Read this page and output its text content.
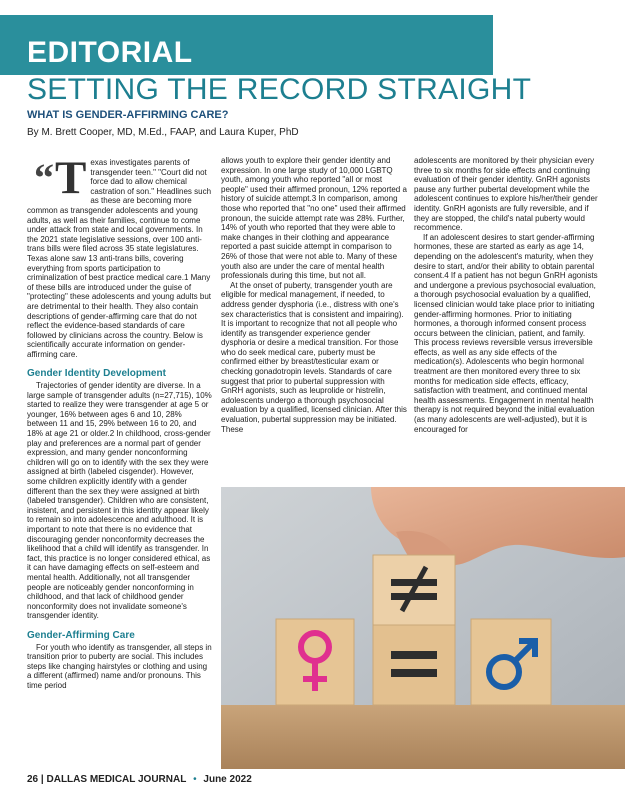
EDITORIAL
SETTING THE RECORD STRAIGHT
WHAT IS GENDER-AFFIRMING CARE?
By M. Brett Cooper, MD, M.Ed., FAAP, and Laura Kuper, PhD

“T exas investigates parents of transgender teen." "Court did not force dad to allow chemical castration of son." Headlines such as these are becoming more common as transgender adolescents and young adults, as well as their families, continue to come under attack from state and local governments. In the 2021 state legislative sessions, over 100 anti-trans bills were filed across 35 state legislatures. Texas alone saw 13 anti-trans bills, covering everything from sports participation to criminalization of best practice medical care.1 Many of these bills are introduced under the guise of "protecting" these adolescents and young adults but are detrimental to their health. They also contain descriptions of gender-affirming care that do not reflect the evidence-based standards of care followed by clinicians across the country. Below is scientifically accurate information on gender-affirming care.

Gender Identity Development

Trajectories of gender identity are diverse. In a large sample of transgender adults (n=27,715), 10% started to realize they were transgender at age 5 or younger, 16% between ages 6 and 10, 28% between 11 and 15, 29% between 16 to 20, and 18% at age 21 or older.2 In childhood, cross-gender play and preferences are a normal part of gender expression, and many gender nonconforming children will go on to identify with the sex they were assigned at birth (labeled cisgender). However, some children explicitly identify with a gender different than the sex they were assigned at birth (labeled transgender). Children who are consistent, insistent, and persistent in this identity appear likely to remain so into adolescence and adulthood. It is important to note that there is no evidence that discouraging gender nonconformity decreases the likelihood that a child will identify as transgender. In fact, this practice is no longer considered ethical, as it can have damaging effects on self-esteem and mental health. Additionally, not all transgender people are noticeably gender nonconforming in childhood, and that lack of childhood gender nonconformity does not invalidate someone's transgender identity.

Gender-Affirming Care

For youth who identify as transgender, all steps in transition prior to puberty are social. This includes steps like changing hairstyles or clothing and using a different (affirmed) name and/or pronouns. This time period

allows youth to explore their gender identity and expression. In one large study of 10,000 LGBTQ youth, among youth who reported "all or most people" used their affirmed pronoun, 12% reported a history of suicide attempt.3 In comparison, among those who reported that "no one" used their affirmed pronoun, the suicide attempt rate was 28%. Further, 14% of youth who reported that they were able to make changes in their clothing and appearance reported a past suicide attempt in comparison to 26% of those that were not able to. Many of these youth also are under the care of mental health professionals during this time, but not all.

At the onset of puberty, transgender youth are eligible for medical management, if needed, to address gender dysphoria (i.e., distress with one's sex characteristics that is consistent and impairing). It is important to recognize that not all people who identify as transgender experience gender dysphoria or desire a medical transition. For those who do seek medical care, puberty must be confirmed either by breast/testicular exam or checking gonadotropin levels. Standards of care suggest that prior to pubertal suppression with GnRH agonists, such as leuprolide or histrelin, adolescents undergo a thorough psychosocial evaluation by a qualified, licensed clinician. After this evaluation, pubertal suppression may be initiated. These

adolescents are monitored by their physician every three to six months for side effects and continuing evaluation of their gender identity. GnRH agonists pause any further pubertal development while the adolescent continues to explore his/her/their gender identity. GnRH agonists are fully reversible, and if they are stopped, the child's natal puberty would recommence.

If an adolescent desires to start gender-affirming hormones, these are started as early as age 14, depending on the adolescent's maturity, when they desire to start, and/or their ability to obtain parental consent.4 If a patient has not begun GnRH agonists and undergone a previous psychosocial evaluation, a thorough psychosocial evaluation by a qualified, licensed clinician would take place prior to initiating gender-affirming hormones. Prior to initiating hormones, a thorough informed consent process occurs between the clinician, patient, and family. This process reviews reversible versus irreversible effects, as well as any side effects of the medication(s). Adolescents who begin hormonal treatment are then monitored every three to six months for medication side effects, efficacy, satisfaction with treatment, and continued mental health assessments. Engagement in mental health therapy is not required beyond the initial evaluation (as many adolescents are well-adjusted), but it is encouraged for

26 | DALLAS MEDICAL JOURNAL • June 2022
